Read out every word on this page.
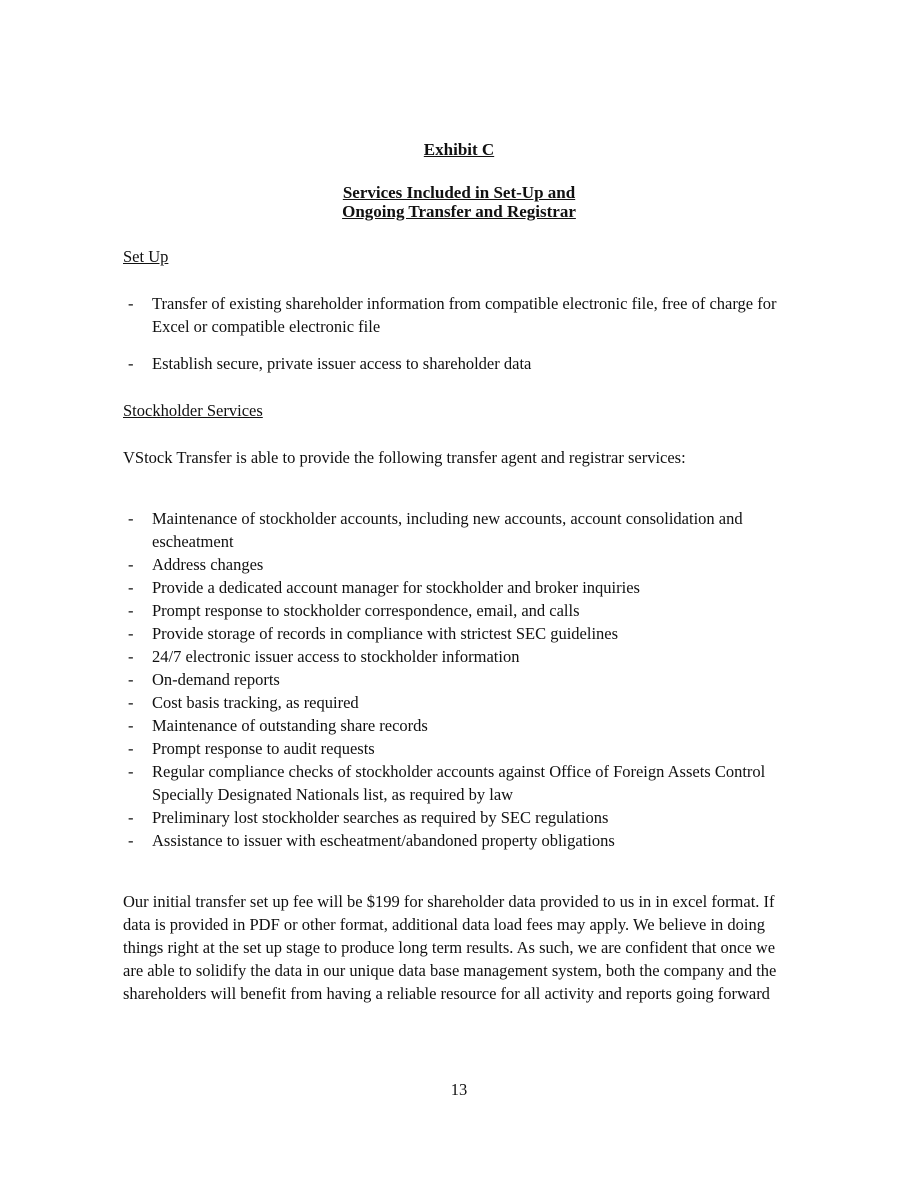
Exhibit C
Services Included in Set-Up and
Ongoing Transfer and Registrar
Set Up
- Transfer of existing shareholder information from compatible electronic file, free of charge for Excel or compatible electronic file
- Establish secure, private issuer access to shareholder data
Stockholder Services

VStock Transfer is able to provide the following transfer agent and registrar services:

- Maintenance of stockholder accounts, including new accounts, account consolidation and escheatment
- Address changes
- Provide a dedicated account manager for stockholder and broker inquiries
- Prompt response to stockholder correspondence, email, and calls
- Provide storage of records in compliance with strictest SEC guidelines
- 24/7 electronic issuer access to stockholder information
- On-demand reports
- Cost basis tracking, as required
- Maintenance of outstanding share records
- Prompt response to audit requests
- Regular compliance checks of stockholder accounts against Office of Foreign Assets Control Specially Designated Nationals list, as required by law
- Preliminary lost stockholder searches as required by SEC regulations
- Assistance to issuer with escheatment/abandoned property obligations

Our initial transfer set up fee will be $199 for shareholder data provided to us in in excel format. If data is provided in PDF or other format, additional data load fees may apply. We believe in doing things right at the set up stage to produce long term results. As such, we are confident that once we are able to solidify the data in our unique data base management system, both the company and the shareholders will benefit from having a reliable resource for all activity and reports going forward

13
